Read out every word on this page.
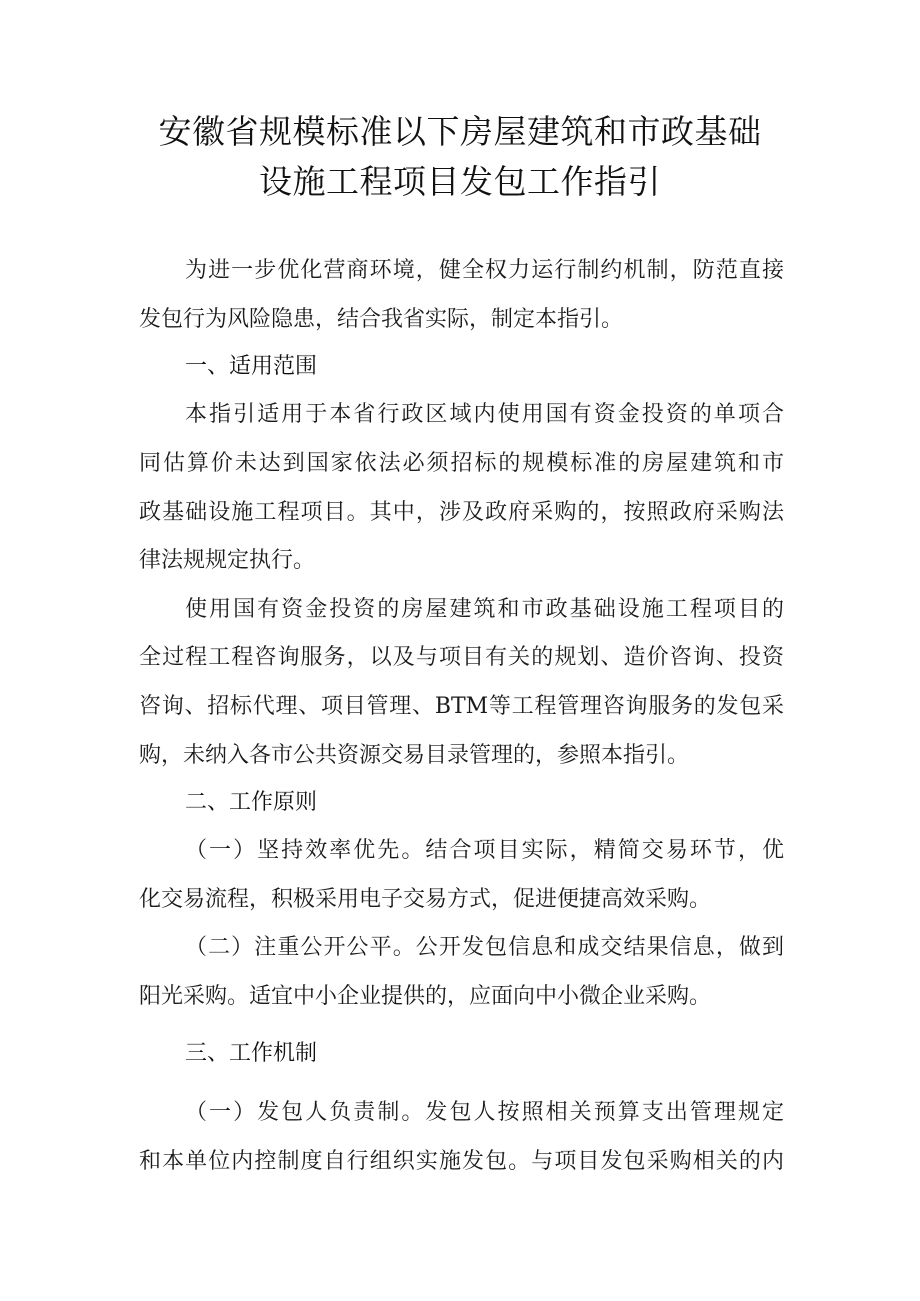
安徽省规模标准以下房屋建筑和市政基础
设施工程项目发包工作指引
为进一步优化营商环境，健全权力运行制约机制，防范直接
发包行为风险隐患，结合我省实际，制定本指引。
一、适用范围
本指引适用于本省行政区域内使用国有资金投资的单项合
同估算价未达到国家依法必须招标的规模标准的房屋建筑和市
政基础设施工程项目。其中，涉及政府采购的，按照政府采购法
律法规规定执行。
使用国有资金投资的房屋建筑和市政基础设施工程项目的
全过程工程咨询服务，以及与项目有关的规划、造价咨询、投资
咨询、招标代理、项目管理、BTM等工程管理咨询服务的发包采
购，未纳入各市公共资源交易目录管理的，参照本指引。
二、工作原则
（一）坚持效率优先。结合项目实际，精简交易环节，优
化交易流程，积极采用电子交易方式，促进便捷高效采购。
（二）注重公开公平。公开发包信息和成交结果信息，做到
阳光采购。适宜中小企业提供的，应面向中小微企业采购。
三、工作机制
（一）发包人负责制。发包人按照相关预算支出管理规定
和本单位内控制度自行组织实施发包。与项目发包采购相关的内
